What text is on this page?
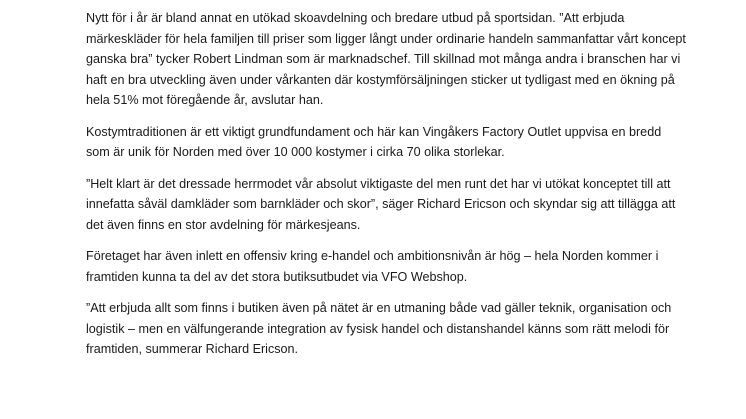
Nytt för i år är bland annat en utökad skoavdelning och bredare utbud på sportsidan. ”Att erbjuda märkeskläder för hela familjen till priser som ligger långt under ordinarie handeln sammanfattar vårt koncept ganska bra” tycker Robert Lindman som är marknadschef. Till skillnad mot många andra i branschen har vi haft en bra utveckling även under vårkanten där kostymförsäljningen sticker ut tydligast med en ökning på hela 51% mot föregående år, avslutar han.

Kostymtraditionen är ett viktigt grundfundament och här kan Vingåkers Factory Outlet uppvisa en bredd som är unik för Norden med över 10 000 kostymer i cirka 70 olika storlekar.

”Helt klart är det dressade herrmodet vår absolut viktigaste del men runt det har vi utökat konceptet till att innefatta såväl damkläder som barnkläder och skor”, säger Richard Ericson och skyndar sig att tillägga att det även finns en stor avdelning för märkesjeans.

Företaget har även inlett en offensiv kring e-handel och ambitionsnivån är hög – hela Norden kommer i framtiden kunna ta del av det stora butiksutbudet via VFO Webshop.

”Att erbjuda allt som finns i butiken även på nätet är en utmaning både vad gäller teknik, organisation och logistik – men en välfungerande integration av fysisk handel och distanshandel känns som rätt melodi för framtiden, summerar Richard Ericson.
